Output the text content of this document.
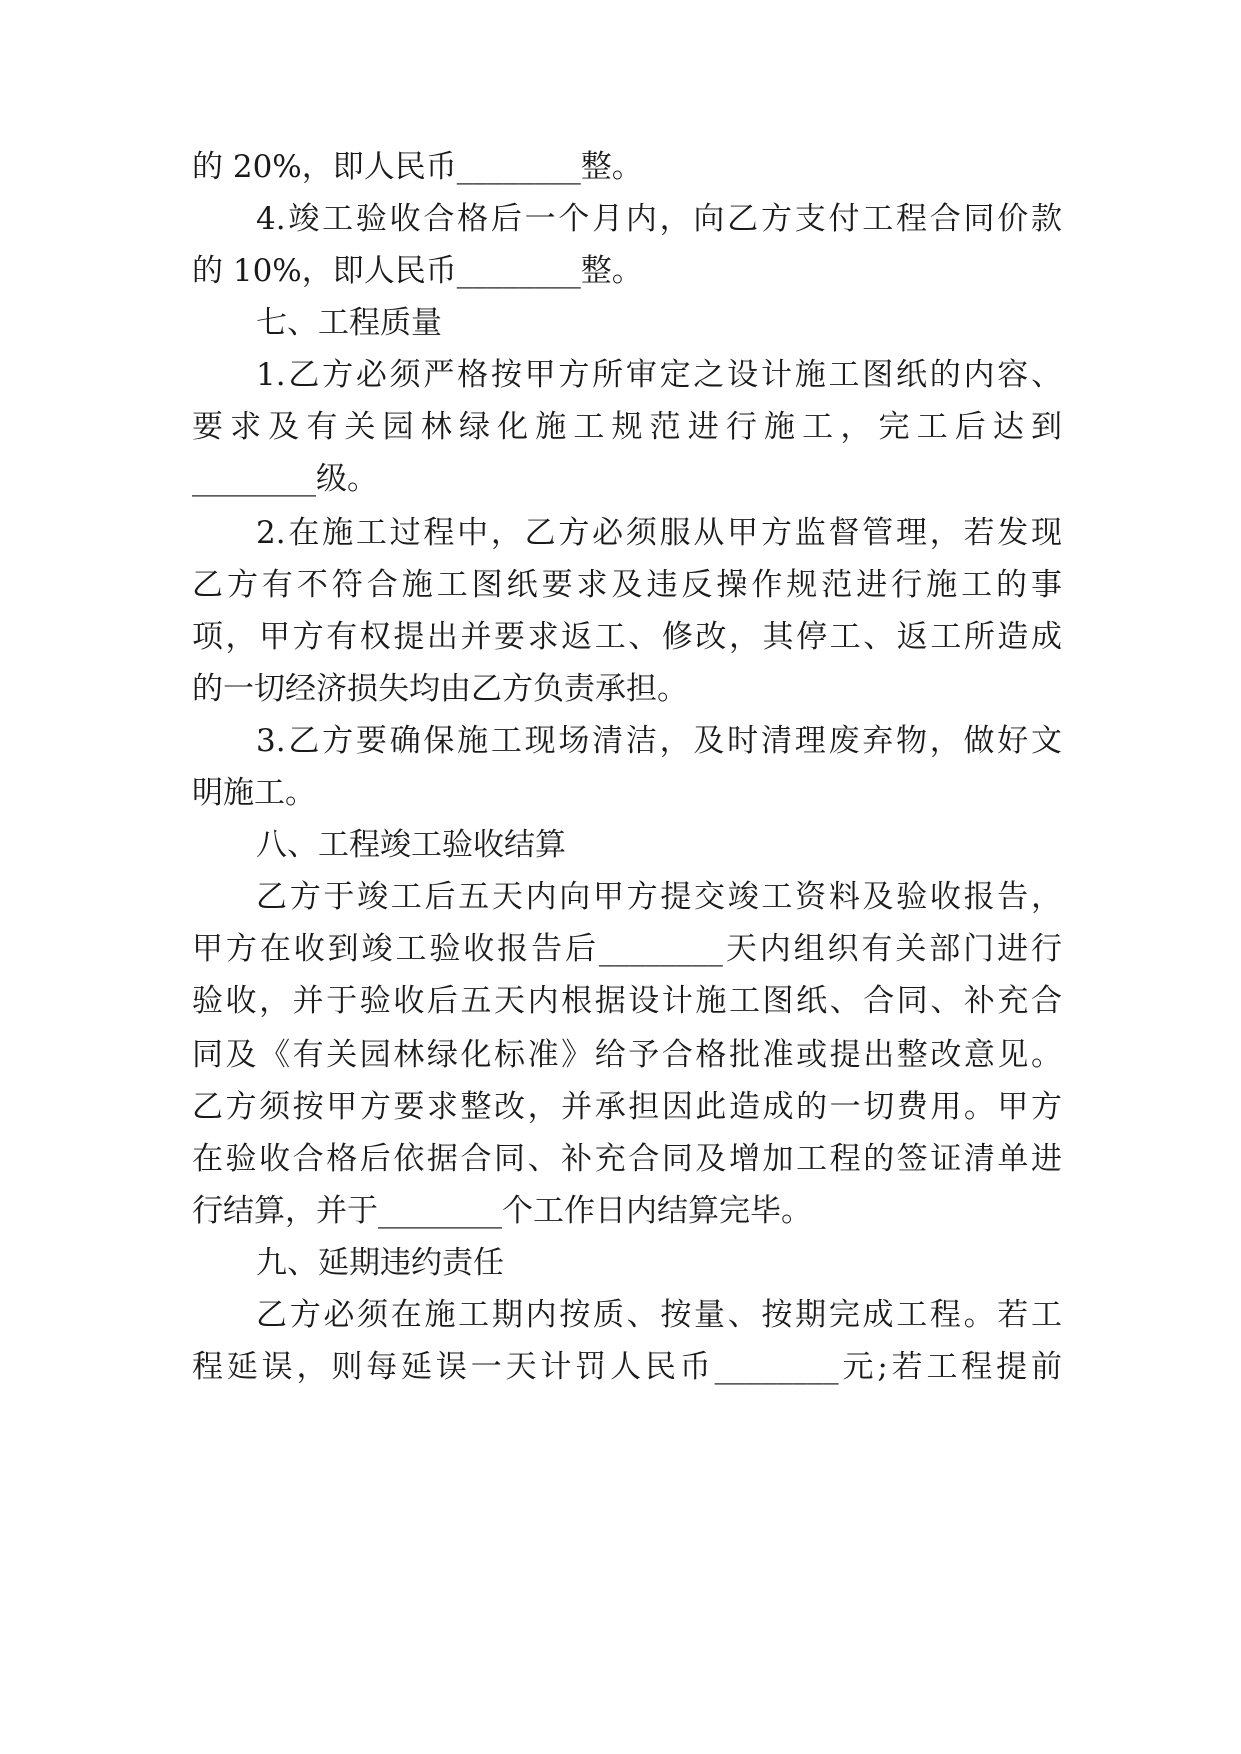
的 20%，即人民币________整。
4.竣工验收合格后一个月内，向乙方支付工程合同价款
的 10%，即人民币________整。
七、工程质量
1.乙方必须严格按甲方所审定之设计施工图纸的内容、
要求及有关园林绿化施工规范进行施工，完工后达到
________级。
2.在施工过程中，乙方必须服从甲方监督管理，若发现
乙方有不符合施工图纸要求及违反操作规范进行施工的事
项，甲方有权提出并要求返工、修改，其停工、返工所造成
的一切经济损失均由乙方负责承担。
3.乙方要确保施工现场清洁，及时清理废弃物，做好文
明施工。
八、工程竣工验收结算
乙方于竣工后五天内向甲方提交竣工资料及验收报告，
甲方在收到竣工验收报告后________天内组织有关部门进行
验收，并于验收后五天内根据设计施工图纸、合同、补充合
同及《有关园林绿化标准》给予合格批准或提出整改意见。
乙方须按甲方要求整改，并承担因此造成的一切费用。甲方
在验收合格后依据合同、补充合同及增加工程的签证清单进
行结算，并于________个工作日内结算完毕。
九、延期违约责任
乙方必须在施工期内按质、按量、按期完成工程。若工
程延误，则每延误一天计罚人民币________元;若工程提前
